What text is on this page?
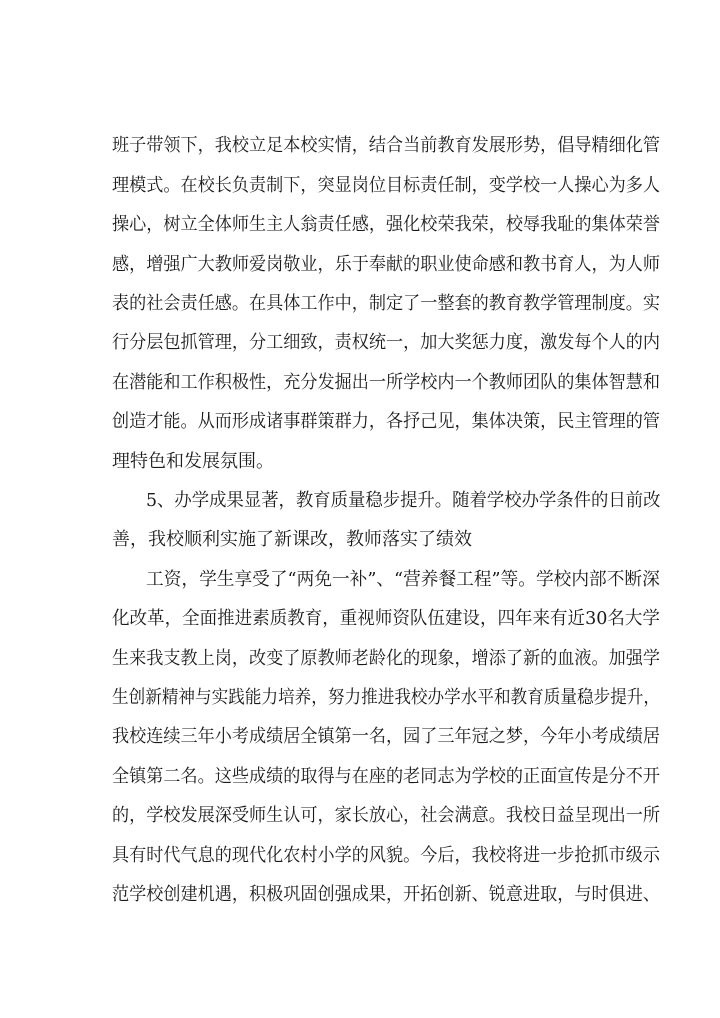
班子带领下，我校立足本校实情，结合当前教育发展形势，倡导精细化管
理模式。在校长负责制下，突显岗位目标责任制，变学校一人操心为多人
操心，树立全体师生主人翁责任感，强化校荣我荣，校辱我耻的集体荣誉
感，增强广大教师爱岗敬业，乐于奉献的职业使命感和教书育人，为人师
表的社会责任感。在具体工作中，制定了一整套的教育教学管理制度。实
行分层包抓管理，分工细致，责权统一，加大奖惩力度，激发每个人的内
在潜能和工作积极性，充分发掘出一所学校内一个教师团队的集体智慧和
创造才能。从而形成诸事群策群力，各抒己见，集体决策，民主管理的管
理特色和发展氛围。
5、办学成果显著，教育质量稳步提升。随着学校办学条件的日前改
善，我校顺利实施了新课改，教师落实了绩效
工资，学生享受了“两免一补”、“营养餐工程”等。学校内部不断深
化改革，全面推进素质教育，重视师资队伍建设，四年来有近30名大学
生来我支教上岗，改变了原教师老龄化的现象，增添了新的血液。加强学
生创新精神与实践能力培养，努力推进我校办学水平和教育质量稳步提升，
我校连续三年小考成绩居全镇第一名，园了三年冠之梦，今年小考成绩居
全镇第二名。这些成绩的取得与在座的老同志为学校的正面宣传是分不开
的，学校发展深受师生认可，家长放心，社会满意。我校日益呈现出一所
具有时代气息的现代化农村小学的风貌。今后，我校将进一步抢抓市级示
范学校创建机遇，积极巩固创强成果，开拓创新、锐意进取，与时俱进、
